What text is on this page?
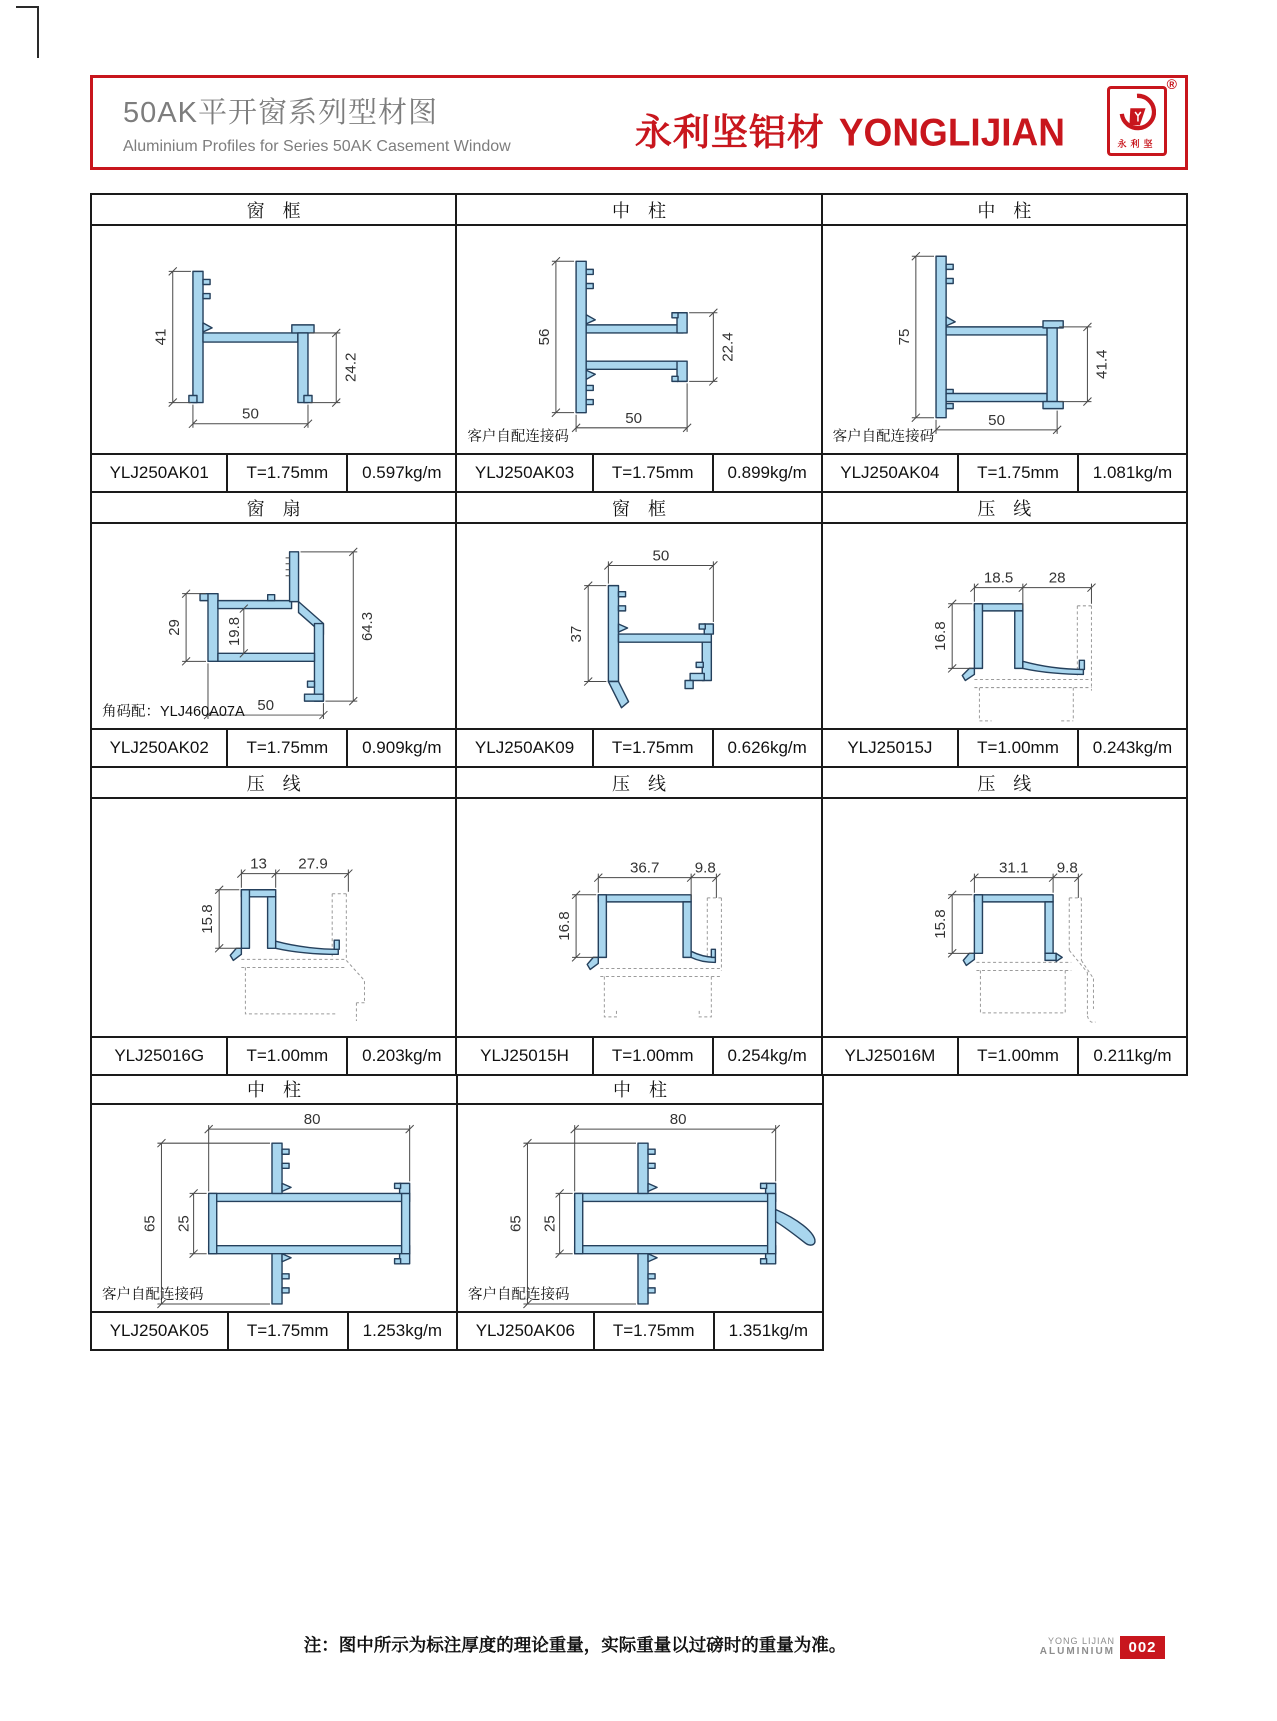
50AK平开窗系列型材图
Aluminium Profiles for Series 50AK Casement Window	永利坚铝材 YONGLIJIAN	永利坚
®
窗　框	中　柱	中　柱
41
24.2
50
56	22.4
50
客户自配连接码
75
41.4
50
客户自配连接码
YLJ250AK01	T=1.75mm	0.597kg/m	YLJ250AK03	T=1.75mm	0.899kg/m	YLJ250AK04	T=1.75mm	1.081kg/m
窗　扇	窗　框	压　线
29	19.8	64.3
50
角码配：YLJ460A07A
50
37
18.5 28
16.8
YLJ250AK02	T=1.75mm	0.909kg/m	YLJ250AK09	T=1.75mm	0.626kg/m	YLJ25015J	T=1.00mm	0.243kg/m
压　线	压　线	压　线
13 27.9
15.8
36.7 9.8
16.8
31.1 9.8
15.8
YLJ25016G	T=1.00mm	0.203kg/m	YLJ25015H	T=1.00mm	0.254kg/m	YLJ25016M	T=1.00mm	0.211kg/m
中　柱	中　柱
80
65 25
客户自配连接码
80
65 25
客户自配连接码
YLJ250AK05	T=1.75mm	1.253kg/m	YLJ250AK06	T=1.75mm	1.351kg/m
注：图中所示为标注厚度的理论重量，实际重量以过磅时的重量为准。	YONG LIJIAN
ALUMINIUM 002
